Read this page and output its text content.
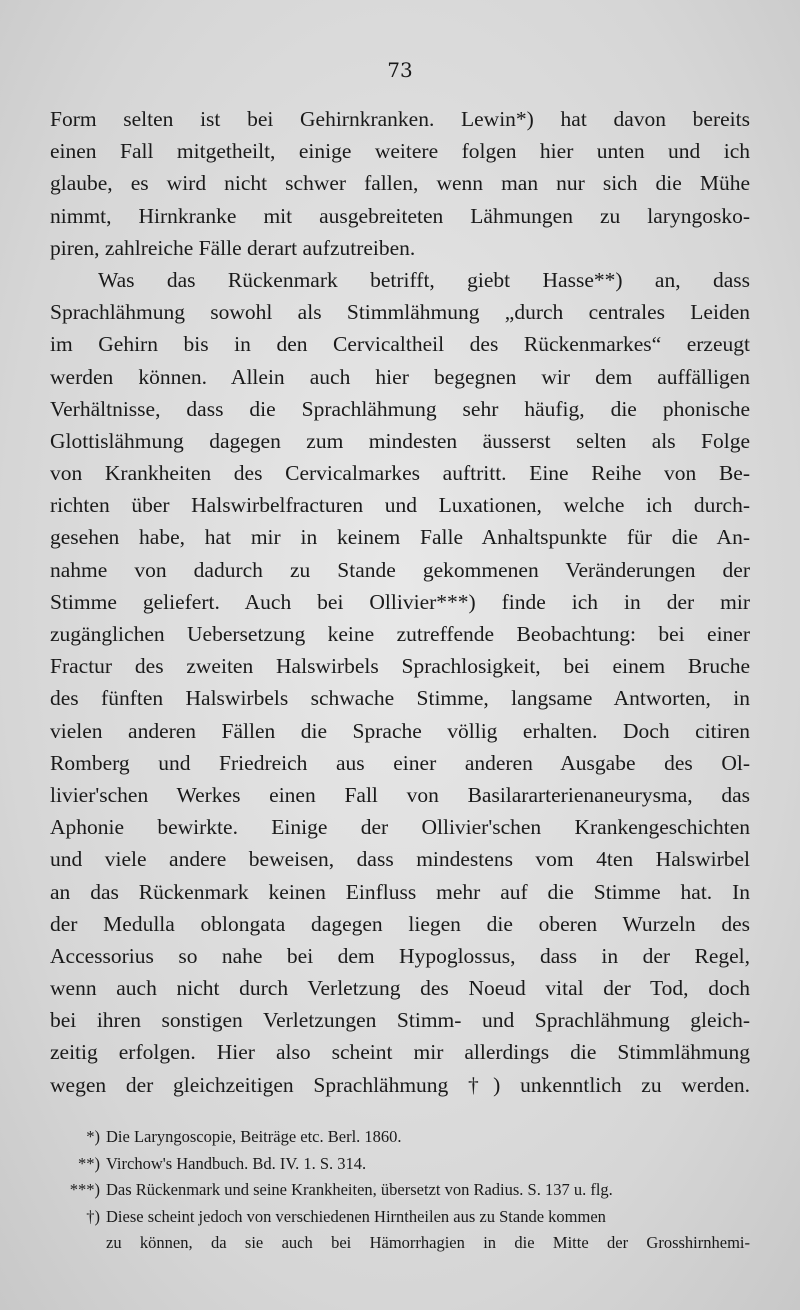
73
Form selten ist bei Gehirnkranken. Lewin*) hat davon bereits
einen Fall mitgetheilt, einige weitere folgen hier unten und ich
glaube, es wird nicht schwer fallen, wenn man nur sich die Mühe
nimmt, Hirnkranke mit ausgebreiteten Lähmungen zu laryngosko-
piren, zahlreiche Fälle derart aufzutreiben.
Was das Rückenmark betrifft, giebt Hasse**) an, dass
Sprachlähmung sowohl als Stimmlähmung „durch centrales Leiden
im Gehirn bis in den Cervicaltheil des Rückenmarkes“ erzeugt
werden können. Allein auch hier begegnen wir dem auffälligen
Verhältnisse, dass die Sprachlähmung sehr häufig, die phonische
Glottislähmung dagegen zum mindesten äusserst selten als Folge
von Krankheiten des Cervicalmarkes auftritt. Eine Reihe von Be-
richten über Halswirbelfracturen und Luxationen, welche ich durch-
gesehen habe, hat mir in keinem Falle Anhaltspunkte für die An-
nahme von dadurch zu Stande gekommenen Veränderungen der
Stimme geliefert. Auch bei Ollivier***) finde ich in der mir
zugänglichen Uebersetzung keine zutreffende Beobachtung: bei einer
Fractur des zweiten Halswirbels Sprachlosigkeit, bei einem Bruche
des fünften Halswirbels schwache Stimme, langsame Antworten, in
vielen anderen Fällen die Sprache völlig erhalten. Doch citiren
Romberg und Friedreich aus einer anderen Ausgabe des Ol-
livier'schen Werkes einen Fall von Basilararterienaneurysma, das
Aphonie bewirkte. Einige der Ollivier'schen Krankengeschichten
und viele andere beweisen, dass mindestens vom 4ten Halswirbel
an das Rückenmark keinen Einfluss mehr auf die Stimme hat. In
der Medulla oblongata dagegen liegen die oberen Wurzeln des
Accessorius so nahe bei dem Hypoglossus, dass in der Regel,
wenn auch nicht durch Verletzung des Noeud vital der Tod, doch
bei ihren sonstigen Verletzungen Stimm- und Sprachlähmung gleich-
zeitig erfolgen. Hier also scheint mir allerdings die Stimmlähmung
wegen der gleichzeitigen Sprachlähmung †) unkenntlich zu werden.
*) Die Laryngoscopie, Beiträge etc. Berl. 1860.
**) Virchow's Handbuch. Bd. IV. 1. S. 314.
***) Das Rückenmark und seine Krankheiten, übersetzt von Radius. S. 137 u. flg.
†) Diese scheint jedoch von verschiedenen Hirntheilen aus zu Stande kommen
zu können, da sie auch bei Hämorrhagien in die Mitte der Grosshirnhemi-
